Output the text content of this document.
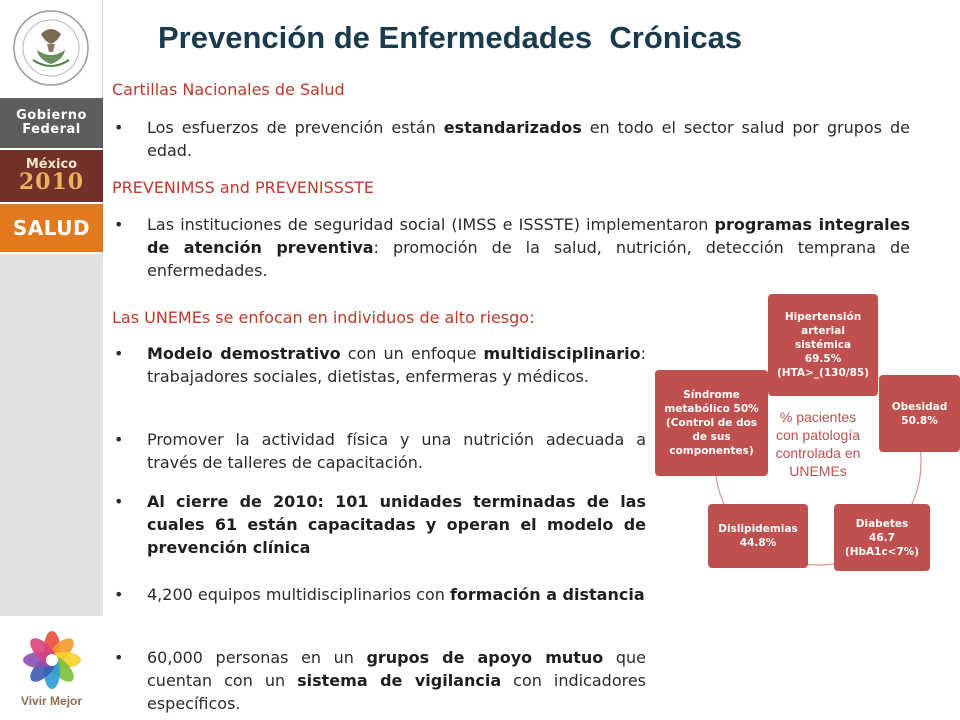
Gobierno
Federal
México
2010
SALUD
Vivir Mejor
Prevención de Enfermedades  Crónicas
Cartillas Nacionales de Salud
• Los esfuerzos de prevención están estandarizados en todo el sector salud por grupos de edad.
PREVENIMSS and PREVENISSSTE
• Las instituciones de seguridad social (IMSS e ISSSTE) implementaron programas integrales de atención preventiva: promoción de la salud, nutrición, detección temprana de enfermedades.
Las UNEMEs se enfocan en individuos de alto riesgo:
• Modelo demostrativo con un enfoque multidisciplinario: trabajadores sociales, dietistas, enfermeras y médicos.
• Promover la actividad física y una nutrición adecuada a través de talleres de capacitación.
• Al cierre de 2010: 101 unidades terminadas de las cuales 61 están capacitadas y operan el modelo de prevención clínica
• 4,200 equipos multidisciplinarios con formación a distancia
• 60,000 personas en un grupos de apoyo mutuo que cuentan con un sistema de vigilancia con indicadores específicos.
Hipertensión arterial sistémica
69.5%
(HTA>_(130/85)
Obesidad
50.8%
Diabetes
46.7
(HbA1c<7%)
Dislipidemias
44.8%
Síndrome metabólico 50%
(Control de dos de sus componentes)
% pacientes con patología controlada en UNEMEs
